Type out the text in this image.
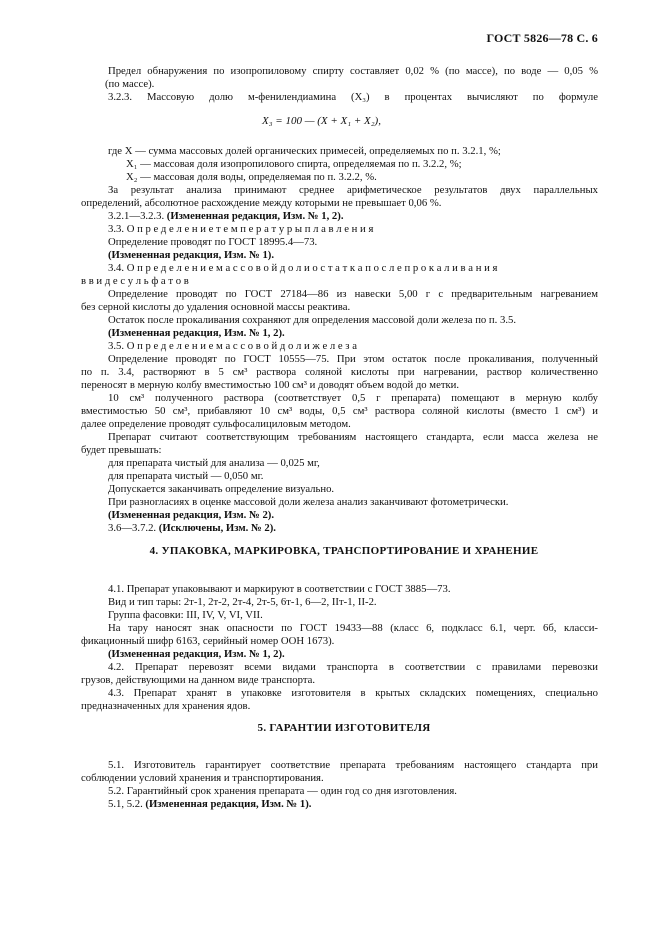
ГОСТ 5826—78 С. 6
X₃ = 100 — (X + X₁ + X₂),
4. УПАКОВКА, МАРКИРОВКА, ТРАНСПОРТИРОВАНИЕ И ХРАНЕНИЕ
5. ГАРАНТИИ ИЗГОТОВИТЕЛЯ
Предел обнаружения по изопропиловому спирту составляет 0,02 % (по массе), по воде — 0,05 %
(по массе).
3.2.3. Массовую долю м-фенилендиамина (X₃) в процентах вычисляют по формуле
где X — сумма массовых долей органических примесей, определяемых по п. 3.2.1, %;
X₁ — массовая доля изопропилового спирта, определяемая по п. 3.2.2, %;
X₂ — массовая доля воды, определяемая по п. 3.2.2, %.
За результат анализа принимают среднее арифметическое результатов двух параллельных
определений, абсолютное расхождение между которыми не превышает 0,06 %.
3.2.1—3.2.3. (Измененная редакция, Изм. № 1, 2).
3.3. О п р е д е л е н и е т е м п е р а т у р ы п л а в л е н и я
Определение проводят по ГОСТ 18995.4—73.
(Измененная редакция, Изм. № 1).
3.4. О п р е д е л е н и е м а с с о в о й д о л и о с т а т к а п о с л е п р о к а л и в а н и я
в в и д е с у л ь ф а т о в
Определение проводят по ГОСТ 27184—86 из навески 5,00 г с предварительным нагреванием
без серной кислоты до удаления основной массы реактива.
Остаток после прокаливания сохраняют для определения массовой доли железа по п. 3.5.
(Измененная редакция, Изм. № 1, 2).
3.5. О п р е д е л е н и е м а с с о в о й д о л и ж е л е з а
Определение проводят по ГОСТ 10555—75. При этом остаток после прокаливания, полученный
по п. 3.4, растворяют в 5 см³ раствора соляной кислоты при нагревании, раствор количественно
переносят в мерную колбу вместимостью 100 см³ и доводят объем водой до метки.
10 см³ полученного раствора (соответствует 0,5 г препарата) помещают в мерную колбу
вместимостью 50 см³, прибавляют 10 см³ воды, 0,5 см³ раствора соляной кислоты (вместо 1 см³) и
далее определение проводят сульфосалициловым методом.
Препарат считают соответствующим требованиям настоящего стандарта, если масса железа не
будет превышать:
для препарата чистый для анализа — 0,025 мг,
для препарата чистый — 0,050 мг.
Допускается заканчивать определение визуально.
При разногласиях в оценке массовой доли железа анализ заканчивают фотометрически.
(Измененная редакция, Изм. № 2).
3.6—3.7.2. (Исключены, Изм. № 2).
4.1. Препарат упаковывают и маркируют в соответствии с ГОСТ 3885—73.
Вид и тип тары: 2т-1, 2т-2, 2т-4, 2т-5, 6т-1, 6—2, IIт-1, II-2.
Группа фасовки: III, IV, V, VI, VII.
На тару наносят знак опасности по ГОСТ 19433—88 (класс 6, подкласс 6.1, черт. 6б, класси-
фикационный шифр 6163, серийный номер ООН 1673).
(Измененная редакция, Изм. № 1, 2).
4.2. Препарат перевозят всеми видами транспорта в соответствии с правилами перевозки
грузов, действующими на данном виде транспорта.
4.3. Препарат хранят в упаковке изготовителя в крытых складских помещениях, специально
предназначенных для хранения ядов.
5.1. Изготовитель гарантирует соответствие препарата требованиям настоящего стандарта при
соблюдении условий хранения и транспортирования.
5.2. Гарантийный срок хранения препарата — один год со дня изготовления.
5.1, 5.2. (Измененная редакция, Изм. № 1).
